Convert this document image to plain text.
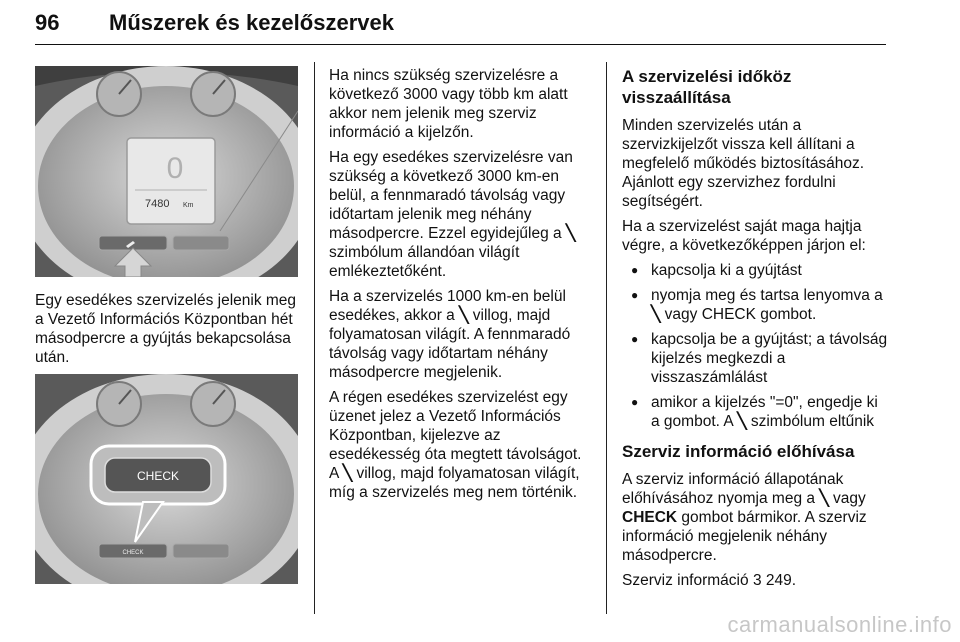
96 Műszerek és kezelőszervek
0
7480 Km

Egy esedékes szervizelés jelenik meg a Vezető Információs Központban hét másodpercre a gyújtás bekapcsolása után.

CHECK
CHECK

Ha nincs szükség szervizelésre a következő 3000 vagy több km alatt akkor nem jelenik meg szerviz információ a kijelzőn.

Ha egy esedékes szervizelésre van szükség a következő 3000 km-en belül, a fennmaradó távolság vagy időtartam jelenik meg néhány másodpercre. Ezzel egyidejűleg a ╲ szimbólum állandóan világít emlékeztetőként.

Ha a szervizelés 1000 km-en belül esedékes, akkor a ╲ villog, majd folyamatosan világít. A fennmaradó távolság vagy időtartam néhány másodpercre megjelenik.

A régen esedékes szervizelést egy üzenet jelez a Vezető Információs Központban, kijelezve az esedékesség óta megtett távolságot. A ╲ villog, majd folyamatosan világít, míg a szervizelés meg nem történik.

A szervizelési időköz visszaállítása

Minden szervizelés után a szervizkijelzőt vissza kell állítani a megfelelő működés biztosításához. Ajánlott egy szervizhez fordulni segítségért.

Ha a szervizelést saját maga hajtja végre, a következőképpen járjon el:

● kapcsolja ki a gyújtást
● nyomja meg és tartsa lenyomva a ╲ vagy CHECK gombot.
● kapcsolja be a gyújtást; a távolság kijelzés megkezdi a visszaszámlálást
● amikor a kijelzés "=0", engedje ki a gombot. A ╲ szimbólum eltűnik
Szerviz információ előhívása

A szerviz információ állapotának előhívásához nyomja meg a ╲ vagy
CHECK gombot bármikor. A szerviz információ megjelenik néhány másodpercre.

Szerviz információ 3 249.

carmanualsonline.info
